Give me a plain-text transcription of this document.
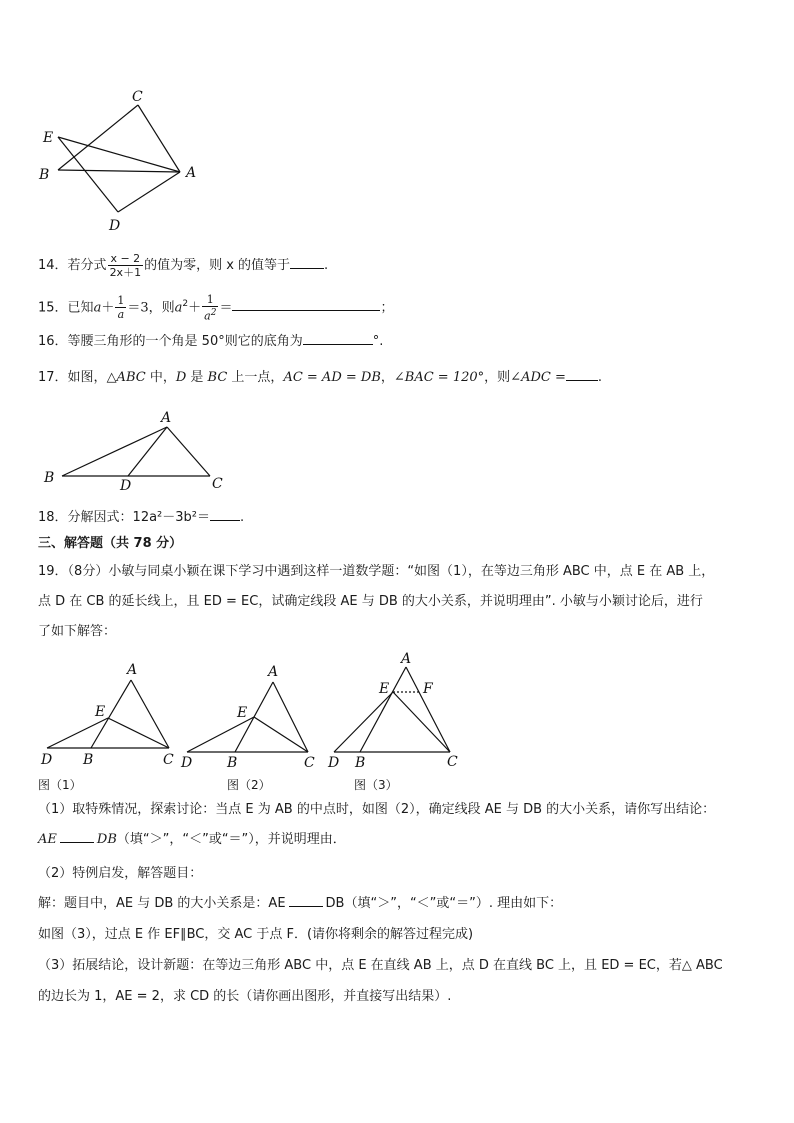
C
E
B	A
D
14．若分式 $\frac{x - 2}{2x+1}$ 的值为零，则 x 的值等于	.
15．已知$a+ \frac{1}{a} =3$，则$a^2+ \frac{1}{a^2}$ ＝	；
16．等腰三角形的一个角是 50°则它的底角为	°.
17．如图，△ABC 中，D 是 BC 上一点，AC = AD = DB，∠BAC = 120°，则∠ADC = .
A
B	D	C
18．分解因式：12a²－3b²＝ .
三、解答题（共 78 分）
19．（8分）小敏与同桌小颖在课下学习中遇到这样一道数学题：“如图（1），在等边三角形 ABC 中，点 E 在 AB 上，
点 D 在 CB 的延长线上，且 ED = EC，试确定线段 AE 与 DB 的大小关系，并说明理由”. 小敏与小颖讨论后，进行
了如下解答：
A
E
D B	C
图（1）
A
E
D B	C
图（2）
A
E F
D B	C
图（3）
（1）取特殊情况，探索讨论：当点 E 为 AB 的中点时，如图（2），确定线段 AE 与 DB 的大小关系，请你写出结论：
AE	DB（填“＞”，“＜”或“＝”），并说明理由．
（2）特例启发，解答题目：
解：题目中，AE 与 DB 的大小关系是：AE	DB（填“＞”，“＜”或“＝”）. 理由如下：
如图（3），过点 E 作 EF∥BC，交 AC 于点 F．(请你将剩余的解答过程完成)
（3）拓展结论，设计新题：在等边三角形 ABC 中，点 E 在直线 AB 上，点 D 在直线 BC 上，且 ED = EC，若△ ABC
的边长为 1，AE = 2，求 CD 的长（请你画出图形，并直接写出结果）.
